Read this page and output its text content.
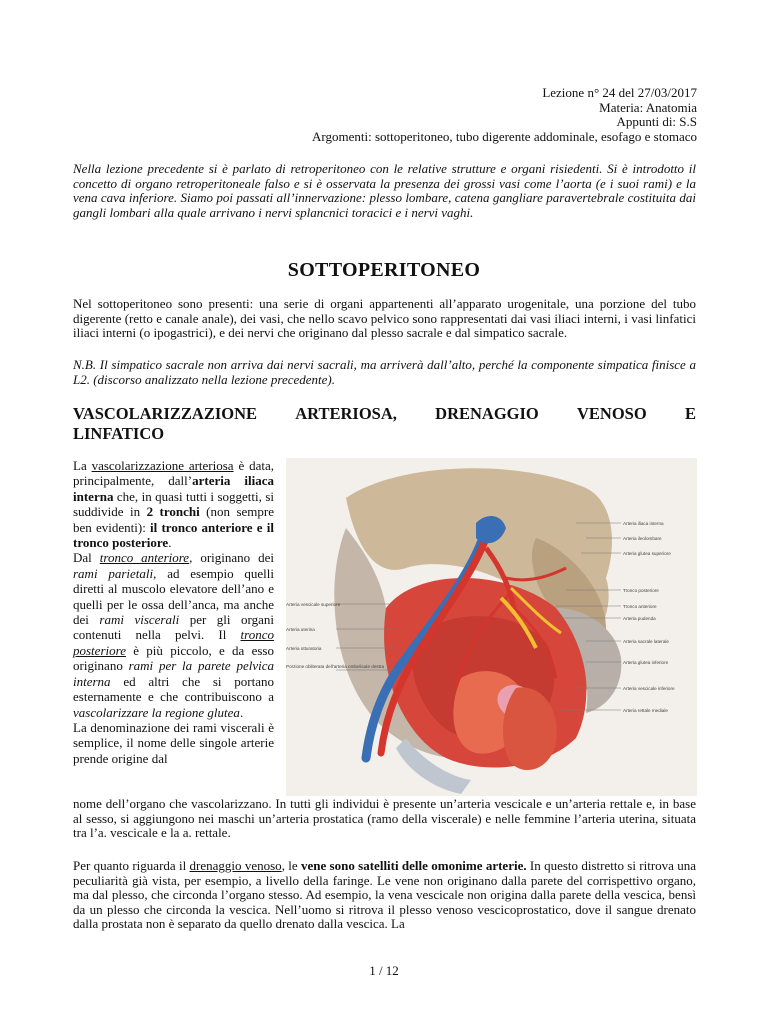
Lezione n° 24 del 27/03/2017
Materia: Anatomia
Appunti di: S.S
Argomenti: sottoperitoneo, tubo digerente addominale, esofago e stomaco
Nella lezione precedente si è parlato di retroperitoneo con le relative strutture e organi risiedenti. Si è introdotto il concetto di organo retroperitoneale falso e si è osservata la presenza dei grossi vasi come l’aorta (e i suoi rami) e la vena cava inferiore. Siamo poi passati all’innervazione: plesso lombare, catena gangliare paravertebrale costituita dai gangli lombari alla quale arrivano i nervi splancnici toracici e i nervi vaghi.
SOTTOPERITONEO
Nel sottoperitoneo sono presenti: una serie di organi appartenenti all’apparato urogenitale, una porzione del tubo digerente (retto e canale anale), dei vasi, che nello scavo pelvico sono rappresentati dai vasi iliaci interni, i vasi linfatici iliaci interni (o ipogastrici), e dei nervi che originano dal plesso sacrale e dal simpatico sacrale.
N.B. Il simpatico sacrale non arriva dai nervi sacrali, ma arriverà dall’alto, perché la componente simpatica finisce a L2. (discorso analizzato nella lezione precedente).
VASCOLARIZZAZIONE ARTERIOSA, DRENAGGIO VENOSO E
LINFATICO
La vascolarizzazione arteriosa è data, principalmente, dall’arteria iliaca interna che, in quasi tutti i soggetti, si suddivide in 2 tronchi (non sempre ben evidenti): il tronco anteriore e il tronco posteriore.
Dal tronco anteriore, originano dei rami parietali, ad esempio quelli diretti al muscolo elevatore dell’ano e quelli per le ossa dell’anca, ma anche dei rami viscerali per gli organi contenuti nella pelvi. Il tronco posteriore è più piccolo, e da esso originano rami per la parete pelvica interna ed altri che si portano esternamente e che contribuiscono a vascolarizzare la regione glutea.
La denominazione dei rami viscerali è semplice, il nome delle singole arterie prende origine dal
Arteria iliaca interna
Arteria ileolombare
Arteria glutea superiore
Tronco posteriore
Tronco anteriore
Arteria pudenda
Arteria sacrale laterale
Arteria glutea inferiore
Arteria vescicale inferiore
Arteria rettale mediale
Arteria vescicale superiore
Arteria uterina
Arteria otturatoria
Porzione obliterata dell’arteria ombelicale destra
nome dell’organo che vascolarizzano. In tutti gli individui è presente un’arteria vescicale e un’arteria rettale e, in base al sesso, si aggiungono nei maschi un’arteria prostatica (ramo della viscerale) e nelle femmine l’arteria uterina, situata tra l’a. vescicale e la a. rettale.
Per quanto riguarda il drenaggio venoso, le vene sono satelliti delle omonime arterie. In questo distretto si ritrova una peculiarità già vista, per esempio, a livello della faringe. Le vene non originano dalla parete del corrispettivo organo, ma dal plesso, che circonda l’organo stesso. Ad esempio, la vena vescicale non origina dalla parete della vescica, bensì da un plesso che circonda la vescica. Nell’uomo si ritrova il plesso venoso vescicoprostatico, dove il sangue drenato dalla prostata non è separato da quello drenato dalla vescica. La
1 / 12
